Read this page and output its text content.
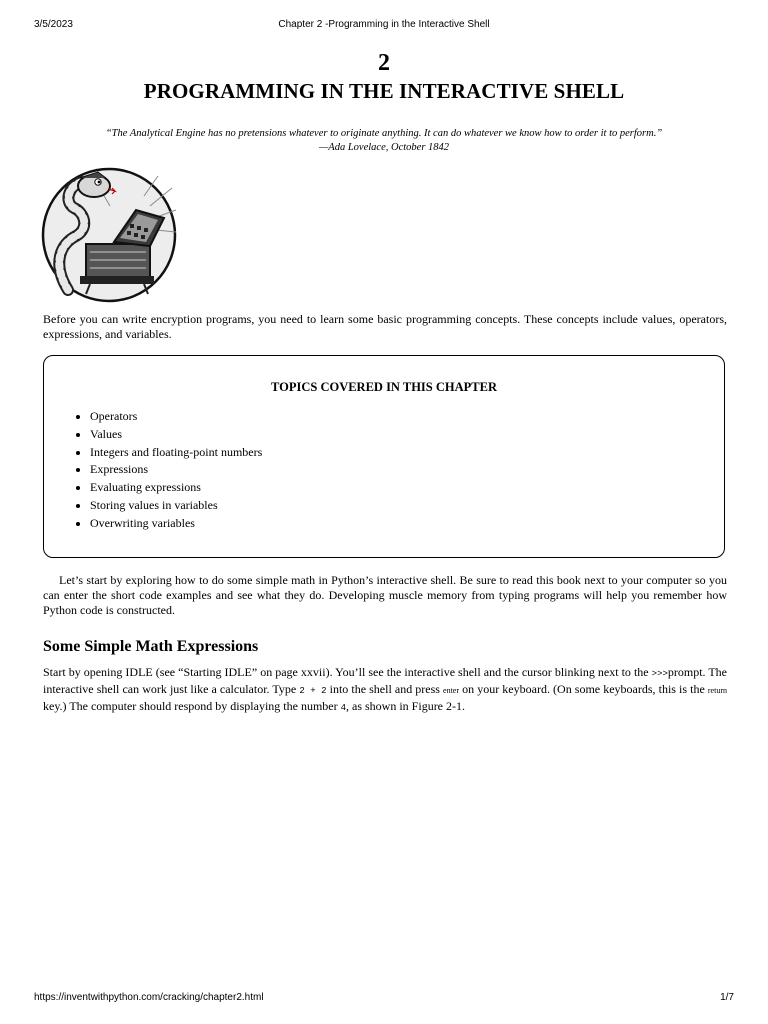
3/5/2023	Chapter 2 -Programming in the Interactive Shell
2
PROGRAMMING IN THE INTERACTIVE SHELL
“The Analytical Engine has no pretensions whatever to originate anything. It can do whatever we know how to order it to perform.”
—Ada Lovelace, October 1842
Before you can write encryption programs, you need to learn some basic programming concepts. These concepts include values, operators, expressions, and variables.
TOPICS COVERED IN THIS CHAPTER
• Operators
• Values
• Integers and floating-point numbers
• Expressions
• Evaluating expressions
• Storing values in variables
• Overwriting variables
Let’s start by exploring how to do some simple math in Python’s interactive shell. Be sure to read this book next to your computer so you can enter the short code examples and see what they do. Developing muscle memory from typing programs will help you remember how Python code is constructed.
Some Simple Math Expressions
Start by opening IDLE (see “Starting IDLE” on page xxvii). You’ll see the interactive shell and the cursor blinking next to the >>>prompt. The interactive shell can work just like a calculator. Type 2 + 2 into the shell and press enter on your keyboard. (On some keyboards, this is the return key.) The computer should respond by displaying the number 4, as shown in Figure 2-1.
https://inventwithpython.com/cracking/chapter2.html	1/7
